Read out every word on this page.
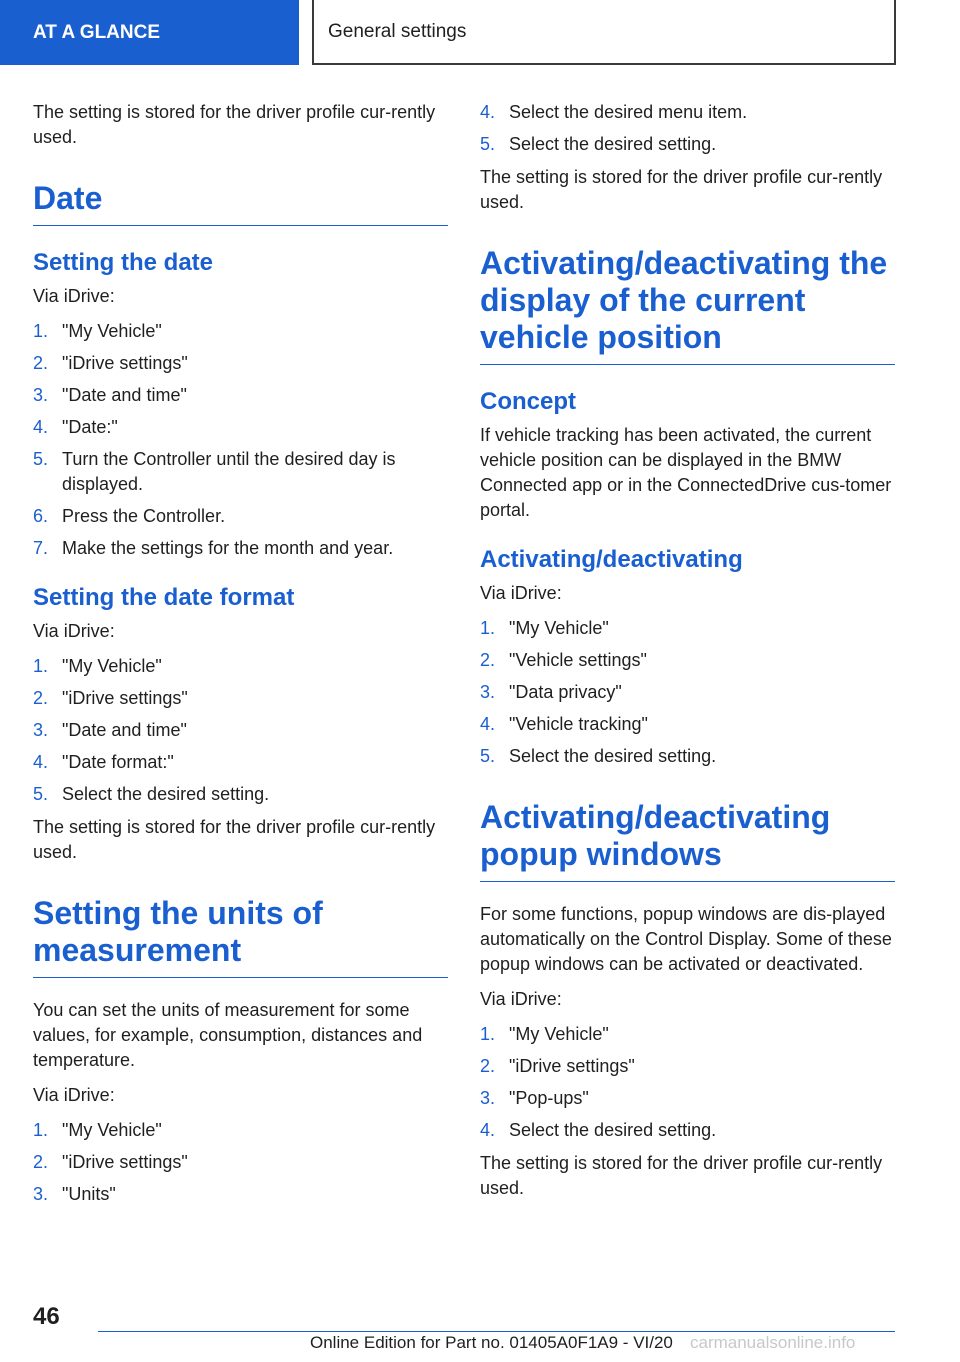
AT A GLANCE	General settings

The setting is stored for the driver profile cur-rently used.

Date
Setting the date

Via iDrive:

1. "My Vehicle"
2. "iDrive settings"
3. "Date and time"
4. "Date:"
5. Turn the Controller until the desired day is displayed.
6. Press the Controller.
7. Make the settings for the month and year.
Setting the date format

Via iDrive:

1. "My Vehicle"
2. "iDrive settings"
3. "Date and time"
4. "Date format:"
5. Select the desired setting.

The setting is stored for the driver profile cur-rently used.

Setting the units of measurement

You can set the units of measurement for some values, for example, consumption, distances and temperature.

Via iDrive:

1. "My Vehicle"
2. "iDrive settings"
3. "Units"
4. Select the desired menu item.
5. Select the desired setting.

The setting is stored for the driver profile cur-rently used.

Activating/deactivating the display of the current vehicle position
Concept

If vehicle tracking has been activated, the current vehicle position can be displayed in the BMW Connected app or in the ConnectedDrive cus-tomer portal.

Activating/deactivating

Via iDrive:

1. "My Vehicle"
2. "Vehicle settings"
3. "Data privacy"
4. "Vehicle tracking"
5. Select the desired setting.
Activating/deactivating popup windows

For some functions, popup windows are dis-played automatically on the Control Display. Some of these popup windows can be activated or deactivated.

Via iDrive:

1. "My Vehicle"
2. "iDrive settings"
3. "Pop-ups"
4. Select the desired setting.

The setting is stored for the driver profile cur-rently used.

46
Online Edition for Part no. 01405A0F1A9 - VI/20 carmanualsonline.info
